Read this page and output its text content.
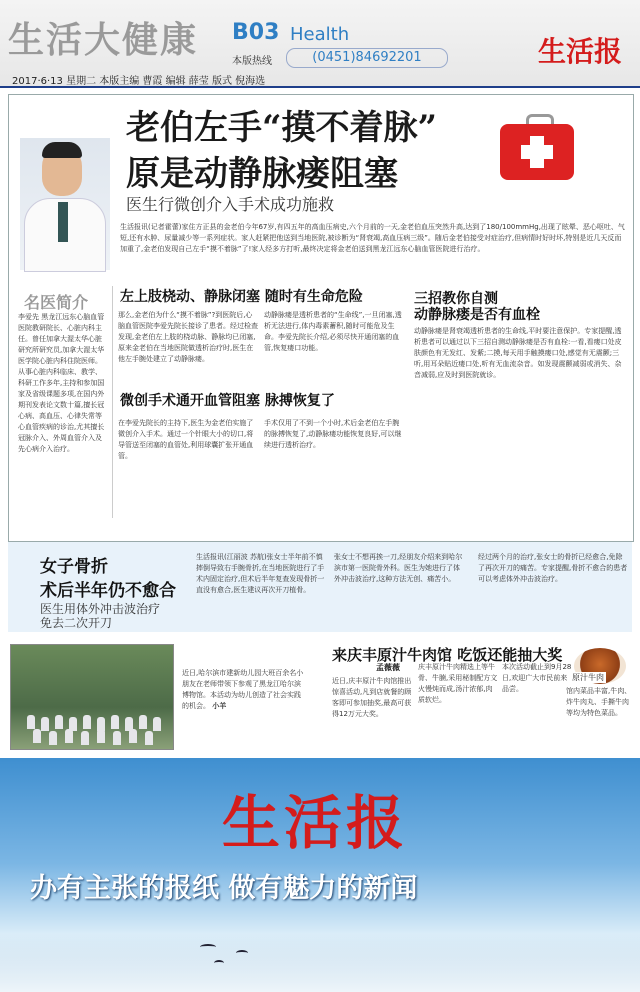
生活大健康 B03 Health
本版热线	(0451)84692201	生活报
2017·6·13 星期二 本版主编 曹霞 编辑 薛莹 版式 倪海选
老伯左手“摸不着脉”
原是动静脉瘘阻塞
医生行微创介入手术成功施救
生活报讯(记者霍蕾)家住方正县的金老伯今年67岁,有四五年的高血压病史,六个月前的一天,金老伯血压突然升高,达到了180/100mmHg,出现了眩晕、恶心呕吐、气短,还有水肿、尿量减少等一系列症状。家人赶紧把他送到当地医院,被诊断为“肾衰竭,高血压病三级”。随后金老伯接受对症治疗,但病情时好时坏,特别是近几天反而加重了,金老伯发现自己左手“摸不着脉”了!家人经多方打听,最终决定将金老伯送到黑龙江远东心脑血管医院进行治疗。
名医简介
李爱先 黑龙江远东心脑血管医院教研院长、心脏内科主任。曾任加拿大渥太华心脏研究所研究员,加拿大渥太华医学院心脏内科住院医师。从事心脏内科临床、教学、科研工作多年,主持和参加国家及省级课题多项,在国内外期刊发表论文数十篇,擅长冠心病、高血压、心律失常等心血管疾病的诊治,尤其擅长冠脉介入、外周血管介入及先心病介入治疗。
左上肢桡动、静脉闭塞 随时有生命危险
那么,金老伯为什么“摸不着脉”?到医院后,心脑血管医院李爱先院长接诊了患者。经过检查发现,金老伯左上肢的桡动脉、静脉均已闭塞,原来金老伯在当地医院做透析治疗时,医生在他左手腕处建立了动静脉瘘。
动静脉瘘是透析患者的“生命线”,一旦闭塞,透析无法进行,体内毒素蓄积,随时可能危及生命。李爱先院长介绍,必须尽快开通闭塞的血管,恢复瘘口功能。
微创手术通开血管阻塞 脉搏恢复了
在李爱先院长的主持下,医生为金老伯实施了微创介入手术。通过一个针眼大小的切口,将导管送至闭塞的血管处,利用球囊扩张开通血管。
手术仅用了不到一个小时,术后金老伯左手腕的脉搏恢复了,动静脉瘘功能恢复良好,可以继续进行透析治疗。
三招教你自测
动静脉瘘是否有血栓
动静脉瘘是肾衰竭透析患者的生命线,平时要注意保护。专家提醒,透析患者可以通过以下三招自测动静脉瘘是否有血栓:一看,看瘘口处皮肤颜色有无发红、发紫;二摸,每天用手触摸瘘口处,感觉有无震颤;三听,用耳朵贴近瘘口处,听有无血流杂音。如发现震颤减弱或消失、杂音减弱,应及时到医院就诊。
女子骨折
术后半年仍不愈合
医生用体外冲击波治疗
免去二次开刀
生活报讯(江丽波 苏航)张女士半年前不慎摔倒导致右手腕骨折,在当地医院进行了手术内固定治疗,但术后半年复查发现骨折一直没有愈合,医生建议再次开刀植骨。
张女士不想再挨一刀,经朋友介绍来到哈尔滨市第一医院骨外科。医生为她进行了体外冲击波治疗,这种方法无创、痛苦小。
经过两个月的治疗,张女士的骨折已经愈合,免除了再次开刀的痛苦。专家提醒,骨折不愈合的患者可以考虑体外冲击波治疗。
近日,哈尔滨市建新幼儿园大班百余名小朋友在老师带领下参观了黑龙江哈尔滨博物馆。本活动为幼儿创造了社会实践的机会。 小羊
来庆丰原汁牛肉馆 吃饭还能抽大奖
孟薇薇
近日,庆丰原汁牛肉馆推出惊喜活动,凡到店就餐的顾客即可参加抽奖,最高可获得12万元大奖。
庆丰原汁牛肉精选上等牛骨、牛腩,采用秘制配方文火慢炖而成,汤汁浓郁,肉质软烂。
本次活动截止到9月28日,欢迎广大市民前来品尝。
原汁牛肉
馆内菜品丰富,牛肉、炸牛肉丸、手撕牛肉等均为特色菜品。
生活报
办有主张的报纸 做有魅力的新闻
